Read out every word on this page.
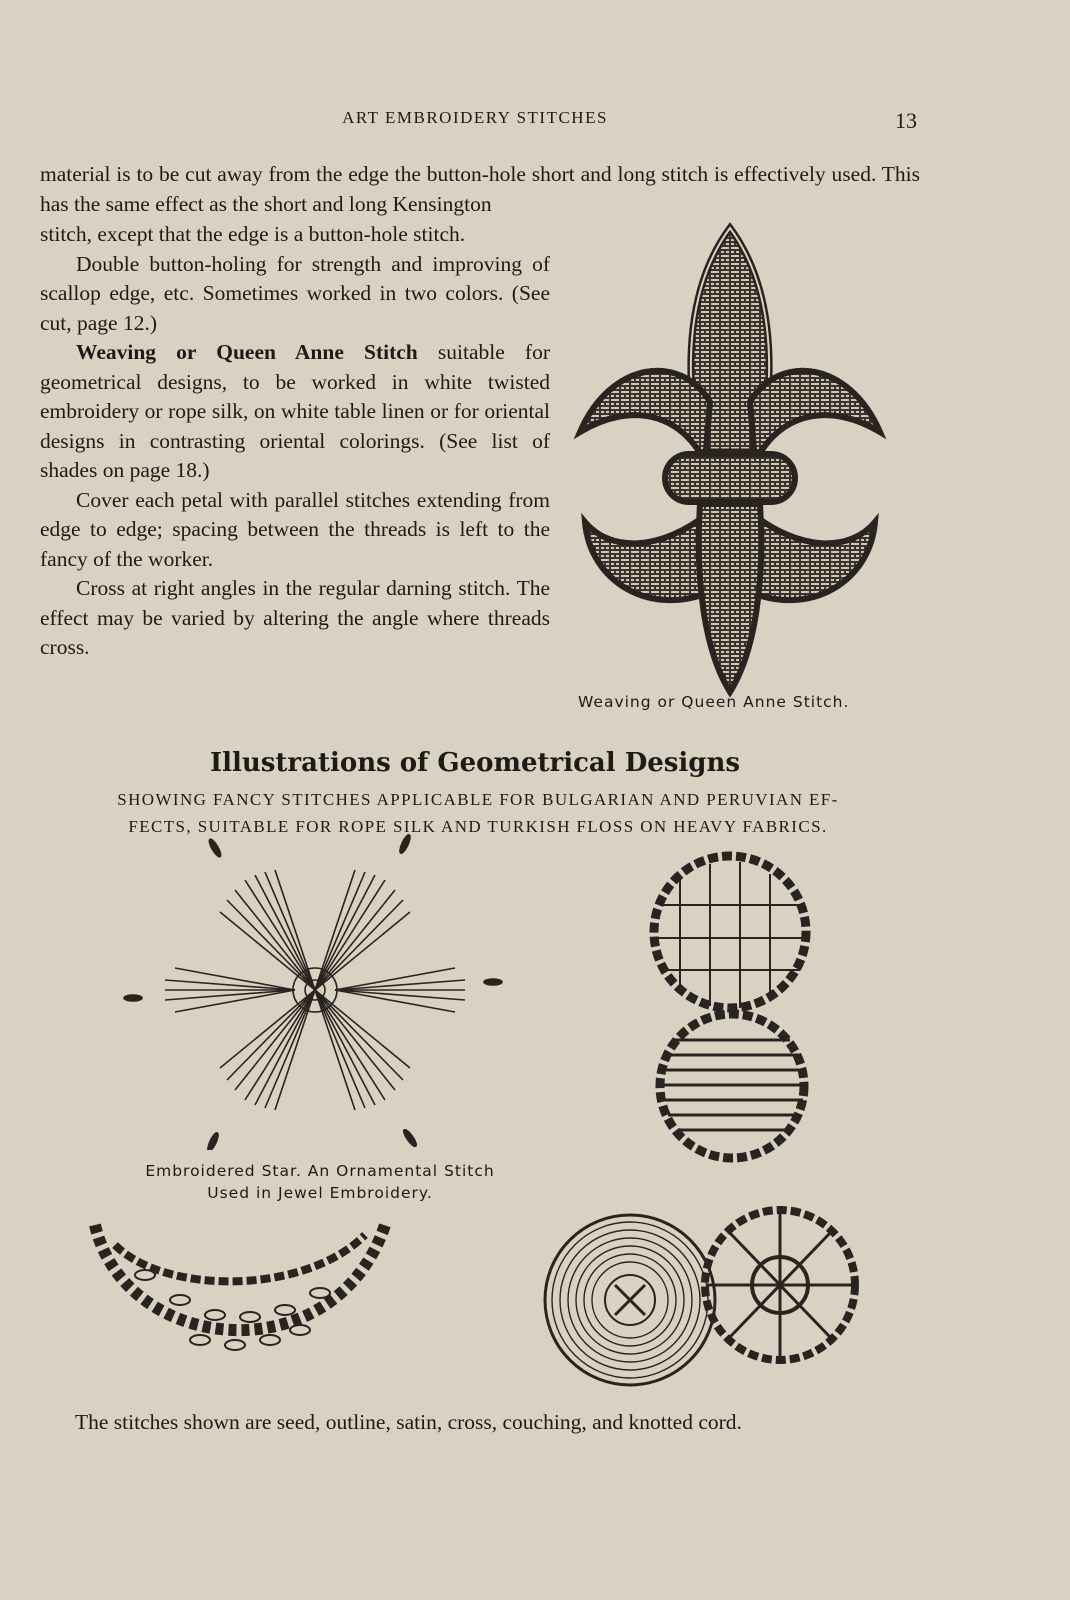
ART EMBROIDERY STITCHES	13

material is to be cut away from the edge the button-hole short and long stitch is effectively used. This has the same effect as the short and long Kensington

stitch, except that the edge is a button-hole stitch.

Double button-holing for strength and improving of scallop edge, etc. Sometimes worked in two colors. (See cut, page 12.)

Weaving or Queen Anne Stitch suitable for geometrical designs, to be worked in white twisted embroidery or rope silk, on white table linen or for oriental designs in contrasting oriental colorings. (See list of shades on page 18.)

Cover each petal with parallel stitches extending from edge to edge; spacing between the threads is left to the fancy of the worker.

Cross at right angles in the regular darning stitch. The effect may be varied by altering the angle where threads cross.

Weaving or Queen Anne Stitch.
Illustrations of Geometrical Designs
SHOWING FANCY STITCHES APPLICABLE FOR BULGARIAN AND PERUVIAN EF-
FECTS, SUITABLE FOR ROPE SILK AND TURKISH FLOSS ON HEAVY FABRICS.
Embroidered Star. An Ornamental Stitch
Used in Jewel Embroidery.
The stitches shown are seed, outline, satin, cross, couching, and knotted cord.
